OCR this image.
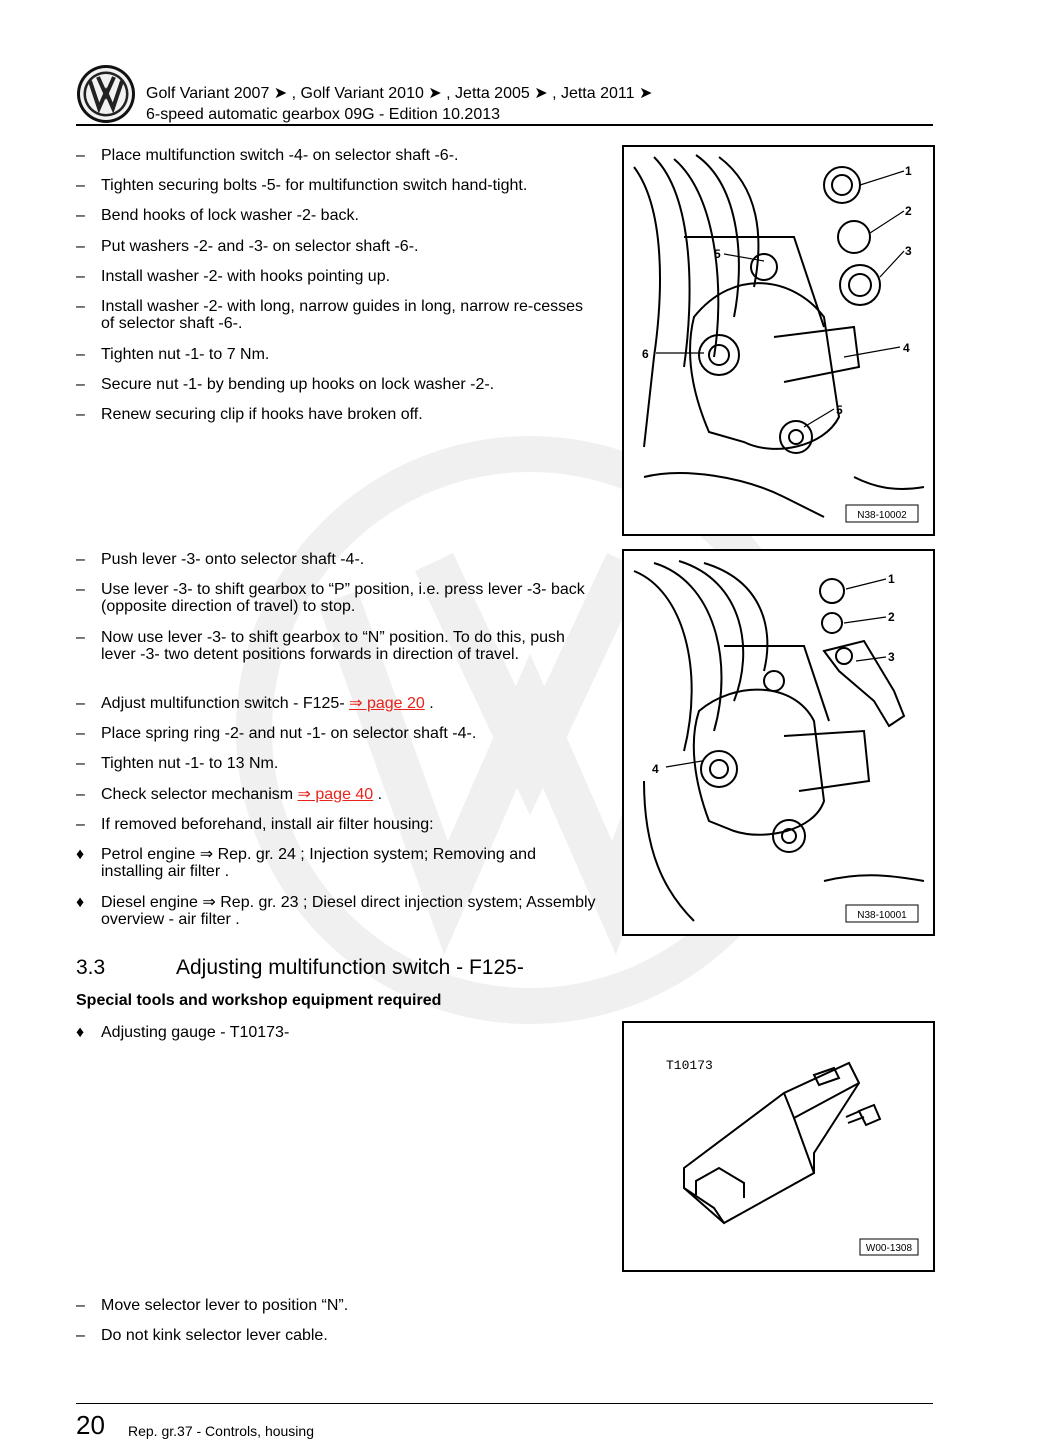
Golf Variant 2007 ➤ , Golf Variant 2010 ➤ , Jetta 2005 ➤ , Jetta 2011 ➤
6-speed automatic gearbox 09G - Edition 10.2013
–	Place multifunction switch -4- on selector shaft -6-.
–	Tighten securing bolts -5- for multifunction switch hand-tight.
–	Bend hooks of lock washer -2- back.
–	Put washers -2- and -3- on selector shaft -6-.
–	Install washer -2- with hooks pointing up.
–	Install washer -2- with long, narrow guides in long, narrow re-cesses of selector shaft -6-.
–	Tighten nut -1- to 7 Nm.
–	Secure nut -1- by bending up hooks on lock washer -2-.
–	Renew securing clip if hooks have broken off.
1
2
3
4
5
5
6
N38-10002
–	Push lever -3- onto selector shaft -4-.
–	Use lever -3- to shift gearbox to “P” position, i.e. press lever -3- back (opposite direction of travel) to stop.
–	Now use lever -3- to shift gearbox to “N” position. To do this, push lever -3- two detent positions forwards in direction of travel.
–	Adjust multifunction switch - F125- ⇒ page 20 .
–	Place spring ring -2- and nut -1- on selector shaft -4-.
–	Tighten nut -1- to 13 Nm.
–	Check selector mechanism ⇒ page 40 .
–	If removed beforehand, install air filter housing:
♦	Petrol engine ⇒ Rep. gr. 24 ; Injection system; Removing and installing air filter .
♦	Diesel engine ⇒ Rep. gr. 23 ; Diesel direct injection system; Assembly overview - air filter .
1
2
3
4
N38-10001
3.3	Adjusting multifunction switch - F125-
Special tools and workshop equipment required
♦	Adjusting gauge - T10173-
T10173
W00-1308
–	Move selector lever to position “N”.
–	Do not kink selector lever cable.
20 Rep. gr.37 - Controls, housing
